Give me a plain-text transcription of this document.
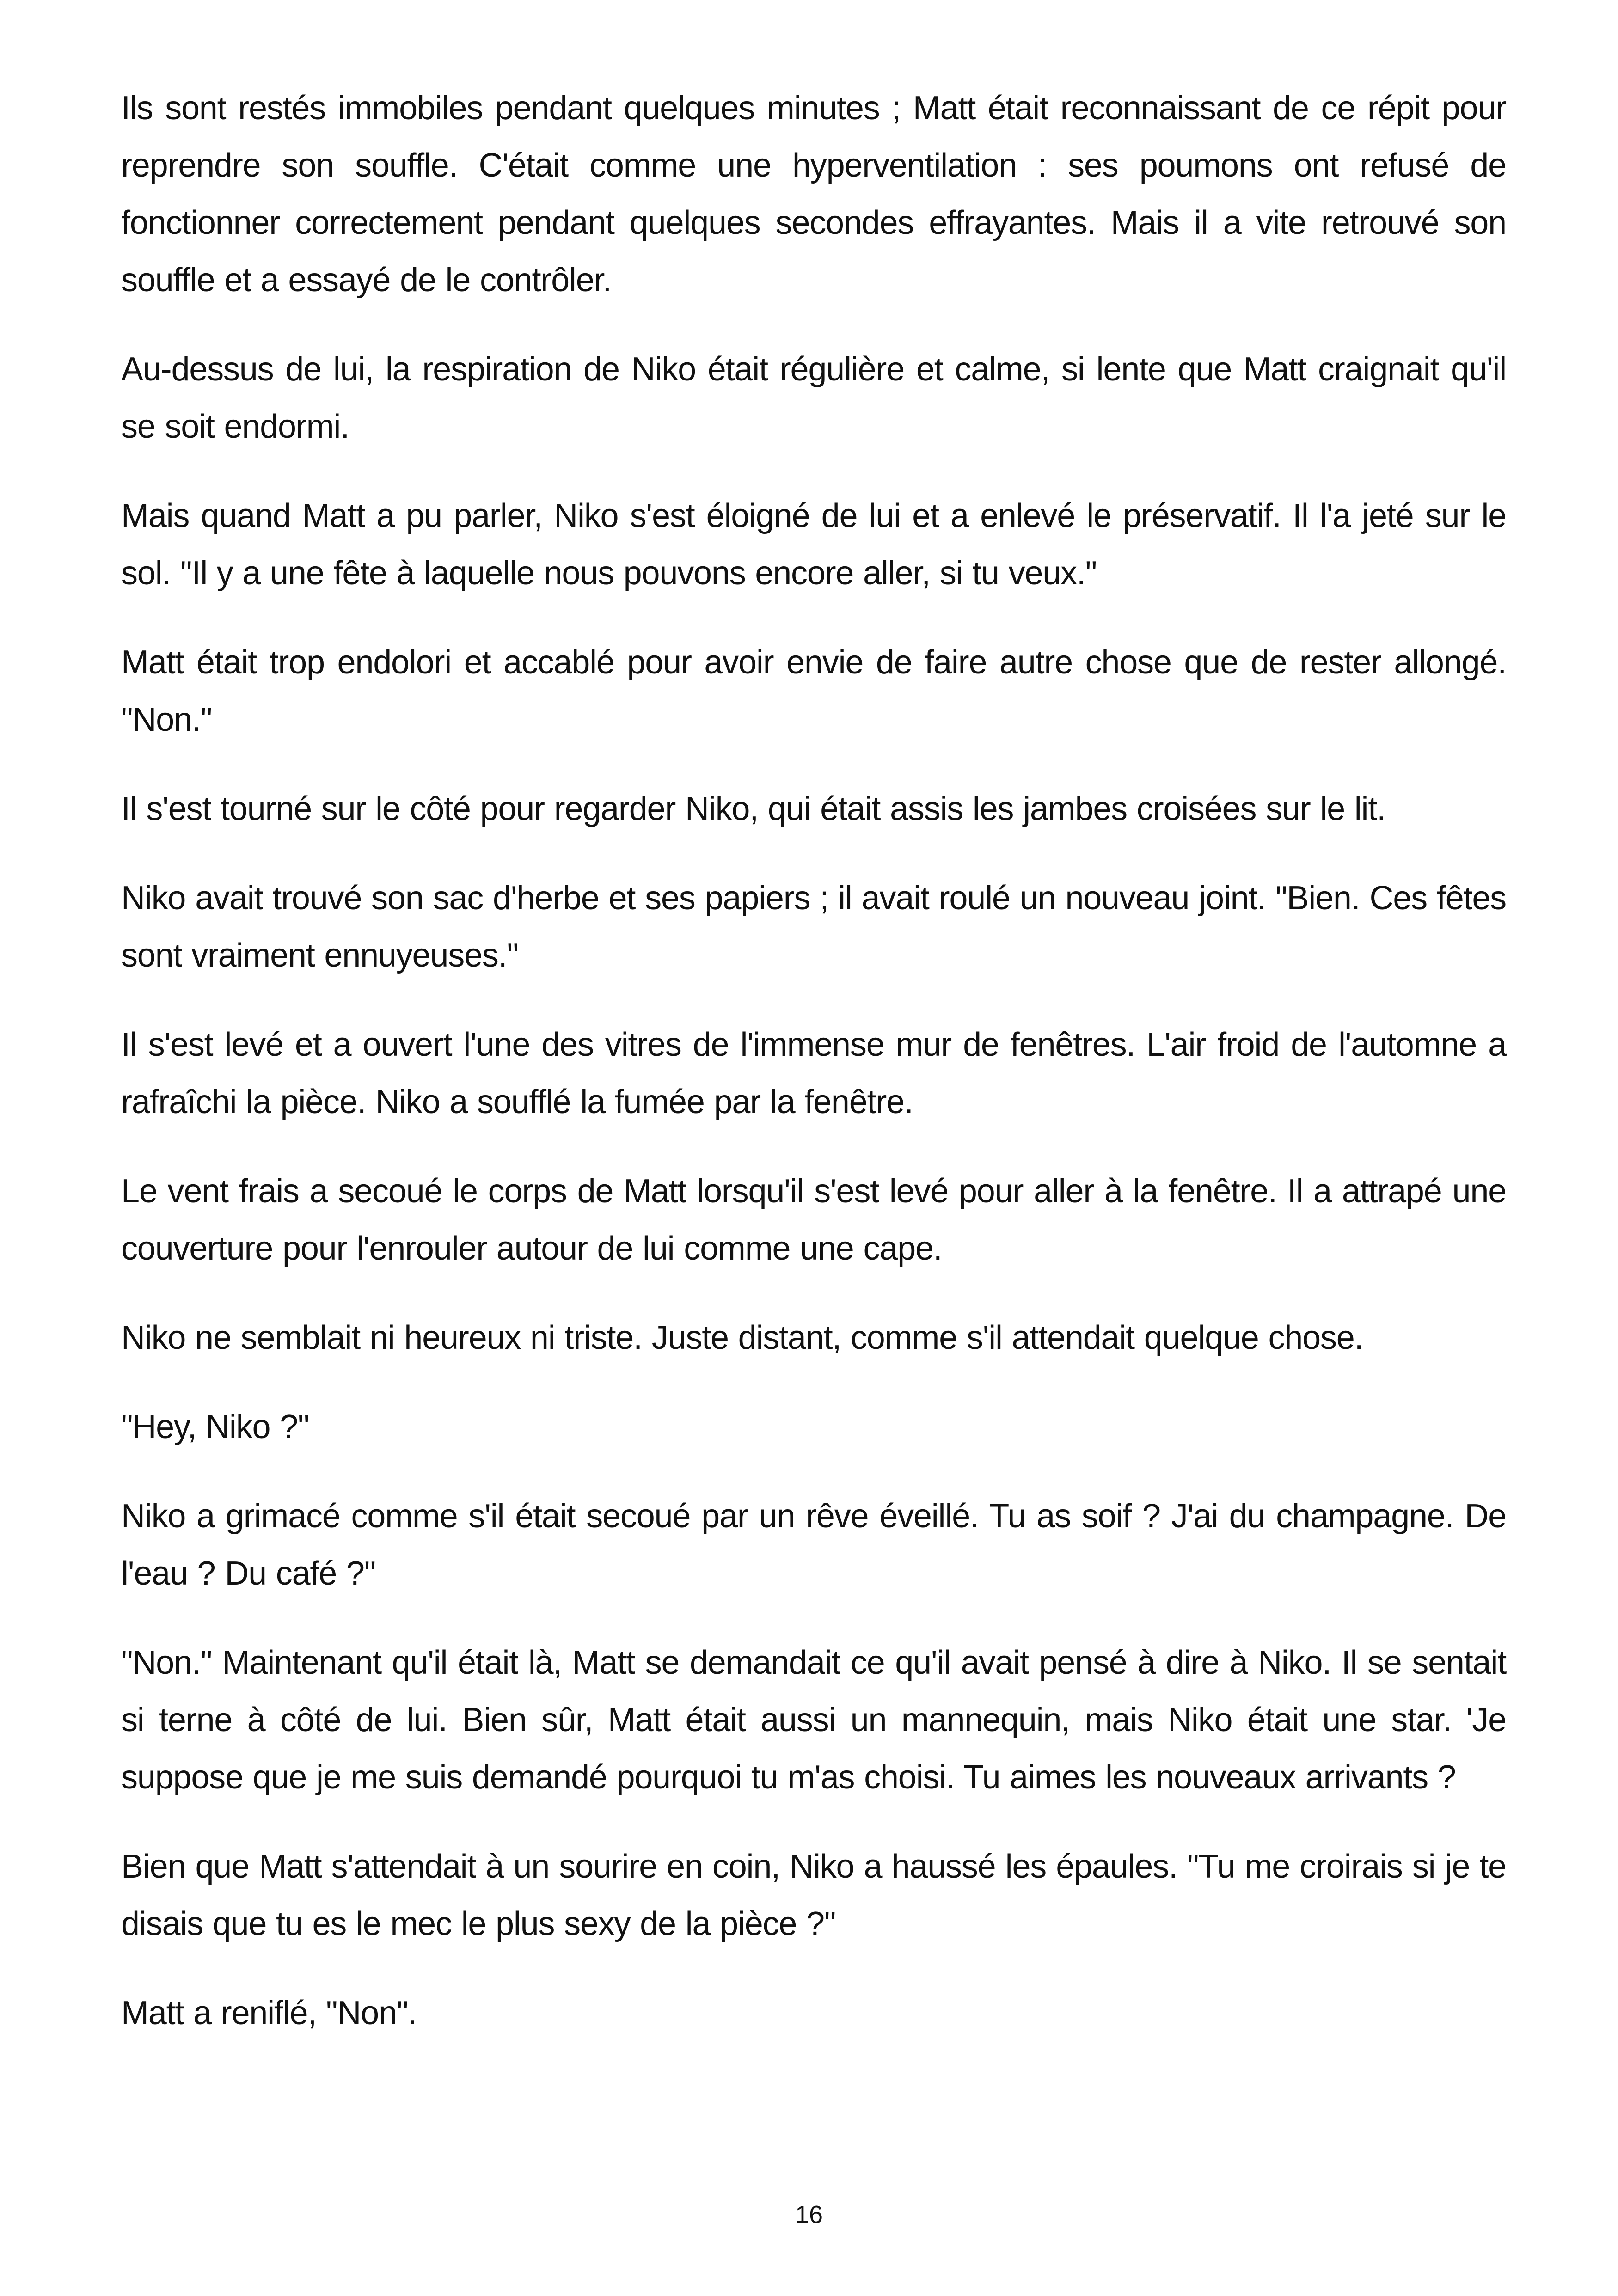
Ils sont restés immobiles pendant quelques minutes ; Matt était reconnaissant de ce répit pour reprendre son souffle. C'était comme une hyperventilation : ses poumons ont refusé de fonctionner correctement pendant quelques secondes effrayantes. Mais il a vite retrouvé son souffle et a essayé de le contrôler.

Au-dessus de lui, la respiration de Niko était régulière et calme, si lente que Matt craignait qu'il se soit endormi.

Mais quand Matt a pu parler, Niko s'est éloigné de lui et a enlevé le préservatif. Il l'a jeté sur le sol. "Il y a une fête à laquelle nous pouvons encore aller, si tu veux."

Matt était trop endolori et accablé pour avoir envie de faire autre chose que de rester allongé. "Non."

Il s'est tourné sur le côté pour regarder Niko, qui était assis les jambes croisées sur le lit.

Niko avait trouvé son sac d'herbe et ses papiers ; il avait roulé un nouveau joint. "Bien. Ces fêtes sont vraiment ennuyeuses."

Il s'est levé et a ouvert l'une des vitres de l'immense mur de fenêtres. L'air froid de l'automne a rafraîchi la pièce. Niko a soufflé la fumée par la fenêtre.

Le vent frais a secoué le corps de Matt lorsqu'il s'est levé pour aller à la fenêtre. Il a attrapé une couverture pour l'enrouler autour de lui comme une cape.

Niko ne semblait ni heureux ni triste. Juste distant, comme s'il attendait quelque chose.

"Hey, Niko ?"

Niko a grimacé comme s'il était secoué par un rêve éveillé. Tu as soif ? J'ai du champagne. De l'eau ? Du café ?"

"Non." Maintenant qu'il était là, Matt se demandait ce qu'il avait pensé à dire à Niko. Il se sentait si terne à côté de lui. Bien sûr, Matt était aussi un mannequin, mais Niko était une star. 'Je suppose que je me suis demandé pourquoi tu m'as choisi. Tu aimes les nouveaux arrivants ?

Bien que Matt s'attendait à un sourire en coin, Niko a haussé les épaules. "Tu me croirais si je te disais que tu es le mec le plus sexy de la pièce ?"

Matt a reniflé, "Non".

16
